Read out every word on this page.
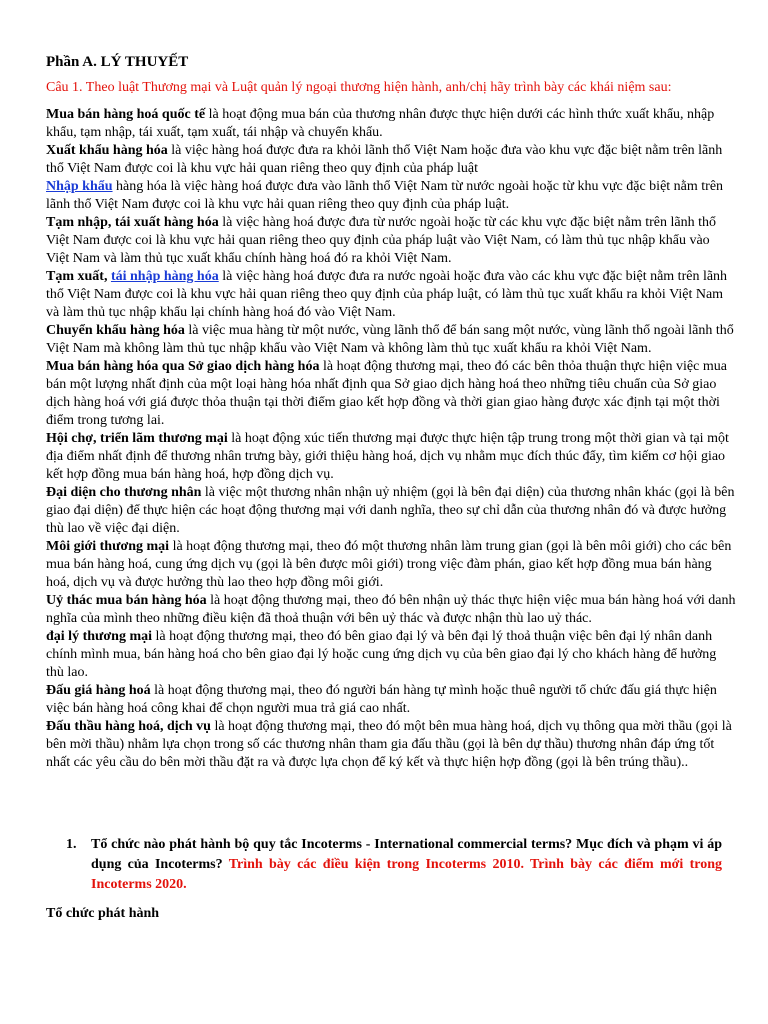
Phần A. LÝ THUYẾT

Câu 1. Theo luật Thương mại và Luật quản lý ngoại thương hiện hành, anh/chị hãy trình bày các khái niệm sau:

Mua bán hàng hoá quốc tế là hoạt động mua bán của thương nhân được thực hiện dưới các hình thức xuất khẩu, nhập khẩu, tạm nhập, tái xuất, tạm xuất, tái nhập và chuyển khẩu.

Xuất khẩu hàng hóa là việc hàng hoá được đưa ra khỏi lãnh thổ Việt Nam hoặc đưa vào khu vực đặc biệt nằm trên lãnh thổ Việt Nam được coi là khu vực hải quan riêng theo quy định của pháp luật

Nhập khẩu hàng hóa là việc hàng hoá được đưa vào lãnh thổ Việt Nam từ nước ngoài hoặc từ khu vực đặc biệt nằm trên lãnh thổ Việt Nam được coi là khu vực hải quan riêng theo quy định của pháp luật.

Tạm nhập, tái xuất hàng hóa là việc hàng hoá được đưa từ nước ngoài hoặc từ các khu vực đặc biệt nằm trên lãnh thổ Việt Nam được coi là khu vực hải quan riêng theo quy định của pháp luật vào Việt Nam, có làm thủ tục nhập khẩu vào Việt Nam và làm thủ tục xuất khẩu chính hàng hoá đó ra khỏi Việt Nam.

Tạm xuất, tái nhập hàng hóa là việc hàng hoá được đưa ra nước ngoài hoặc đưa vào các khu vực đặc biệt nằm trên lãnh thổ Việt Nam được coi là khu vực hải quan riêng theo quy định của pháp luật, có làm thủ tục xuất khẩu ra khỏi Việt Nam và làm thủ tục nhập khẩu lại chính hàng hoá đó vào Việt Nam.

Chuyển khẩu hàng hóa là việc mua hàng từ một nước, vùng lãnh thổ để bán sang một nước, vùng lãnh thổ ngoài lãnh thổ Việt Nam mà không làm thủ tục nhập khẩu vào Việt Nam và không làm thủ tục xuất khẩu ra khỏi Việt Nam.

Mua bán hàng hóa qua Sở giao dịch hàng hóa là hoạt động thương mại, theo đó các bên thỏa thuận thực hiện việc mua bán một lượng nhất định của một loại hàng hóa nhất định qua Sở giao dịch hàng hoá theo những tiêu chuẩn của Sở giao dịch hàng hoá với giá được thỏa thuận tại thời điểm giao kết hợp đồng và thời gian giao hàng được xác định tại một thời điểm trong tương lai.

Hội chợ, triển lãm thương mại là hoạt động xúc tiến thương mại được thực hiện tập trung trong một thời gian và tại một địa điểm nhất định để thương nhân trưng bày, giới thiệu hàng hoá, dịch vụ nhằm mục đích thúc đẩy, tìm kiếm cơ hội giao kết hợp đồng mua bán hàng hoá, hợp đồng dịch vụ.

Đại diện cho thương nhân là việc một thương nhân nhận uỷ nhiệm (gọi là bên đại diện) của thương nhân khác (gọi là bên giao đại diện) để thực hiện các hoạt động thương mại với danh nghĩa, theo sự chỉ dẫn của thương nhân đó và được hưởng thù lao về việc đại diện.

Môi giới thương mại là hoạt động thương mại, theo đó một thương nhân làm trung gian (gọi là bên môi giới) cho các bên mua bán hàng hoá, cung ứng dịch vụ (gọi là bên được môi giới) trong việc đàm phán, giao kết hợp đồng mua bán hàng hoá, dịch vụ và được hưởng thù lao theo hợp đồng môi giới.

Uỷ thác mua bán hàng hóa là hoạt động thương mại, theo đó bên nhận uỷ thác thực hiện việc mua bán hàng hoá với danh nghĩa của mình theo những điều kiện đã thoả thuận với bên uỷ thác và được nhận thù lao uỷ thác.

đại lý thương mại là hoạt động thương mại, theo đó bên giao đại lý và bên đại lý thoả thuận việc bên đại lý nhân danh chính mình mua, bán hàng hoá cho bên giao đại lý hoặc cung ứng dịch vụ của bên giao đại lý cho khách hàng để hưởng thù lao.

Đấu giá hàng hoá là hoạt động thương mại, theo đó người bán hàng tự mình hoặc thuê người tổ chức đấu giá thực hiện việc bán hàng hoá công khai để chọn người mua trả giá cao nhất.

Đấu thầu hàng hoá, dịch vụ là hoạt động thương mại, theo đó một bên mua hàng hoá, dịch vụ thông qua mời thầu (gọi là bên mời thầu) nhằm lựa chọn trong số các thương nhân tham gia đấu thầu (gọi là bên dự thầu) thương nhân đáp ứng tốt nhất các yêu cầu do bên mời thầu đặt ra và được lựa chọn để ký kết và thực hiện hợp đồng (gọi là bên trúng thầu)..

1.	Tổ chức nào phát hành bộ quy tắc Incoterms - International commercial terms? Mục đích và phạm vi áp dụng của Incoterms? Trình bày các điều kiện trong Incoterms 2010. Trình bày các điểm mới trong Incoterms 2020.
Tổ chức phát hành
